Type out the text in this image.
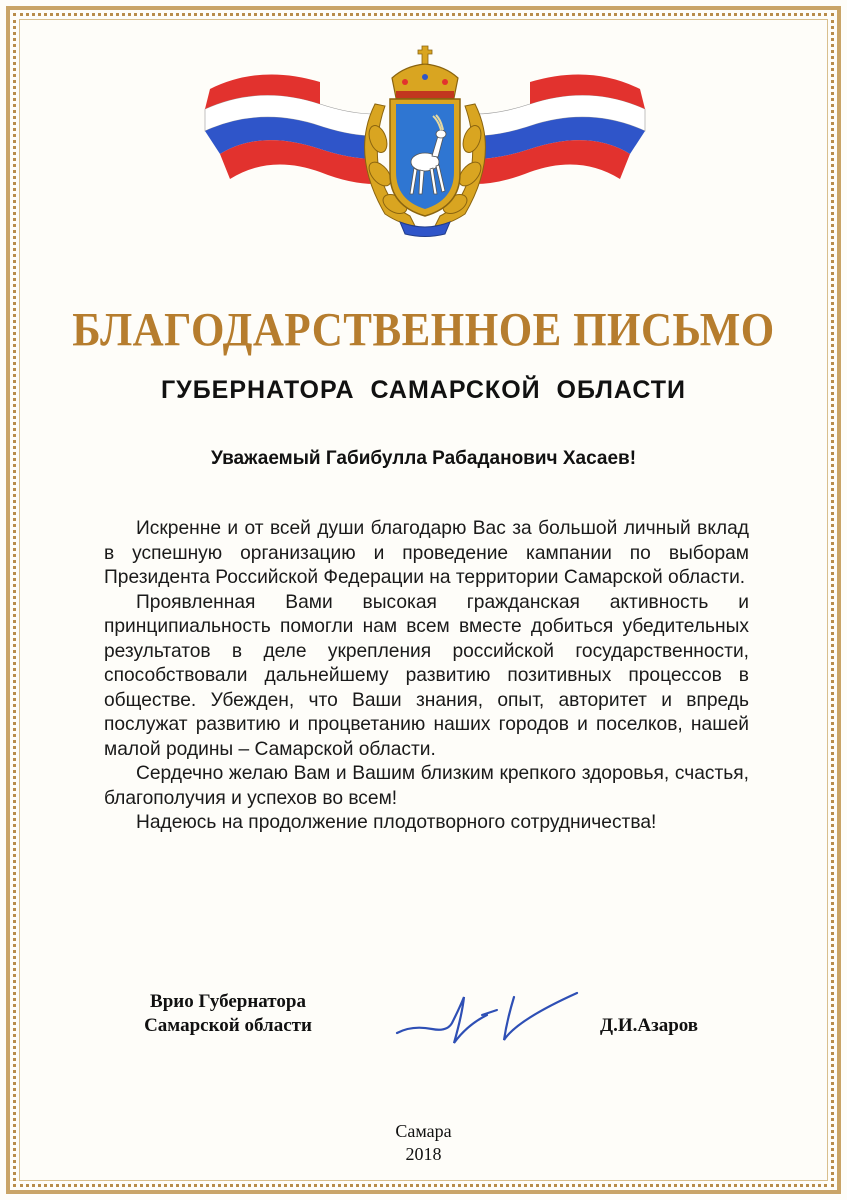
БЛАГОДАРСТВЕННОЕ ПИСЬМО
ГУБЕРНАТОРА САМАРСКОЙ ОБЛАСТИ
Уважаемый Габибулла Рабаданович Хасаев!

Искренне и от всей души благодарю Вас за большой личный вклад в успешную организацию и проведение кампании по выборам Президента Российской Федерации на территории Самарской области.

Проявленная Вами высокая гражданская активность и принципиальность помогли нам всем вместе добиться убедительных результатов в деле укрепления российской государственности, способствовали дальнейшему развитию позитивных процессов в обществе. Убежден, что Ваши знания, опыт, авторитет и впредь послужат развитию и процветанию наших городов и поселков, нашей малой родины – Самарской области.

Сердечно желаю Вам и Вашим близким крепкого здоровья, счастья, благополучия и успехов во всем!

Надеюсь на продолжение плодотворного сотрудничества!

Врио Губернатора
Самарской области	Д.И.Азаров
Самара
2018
